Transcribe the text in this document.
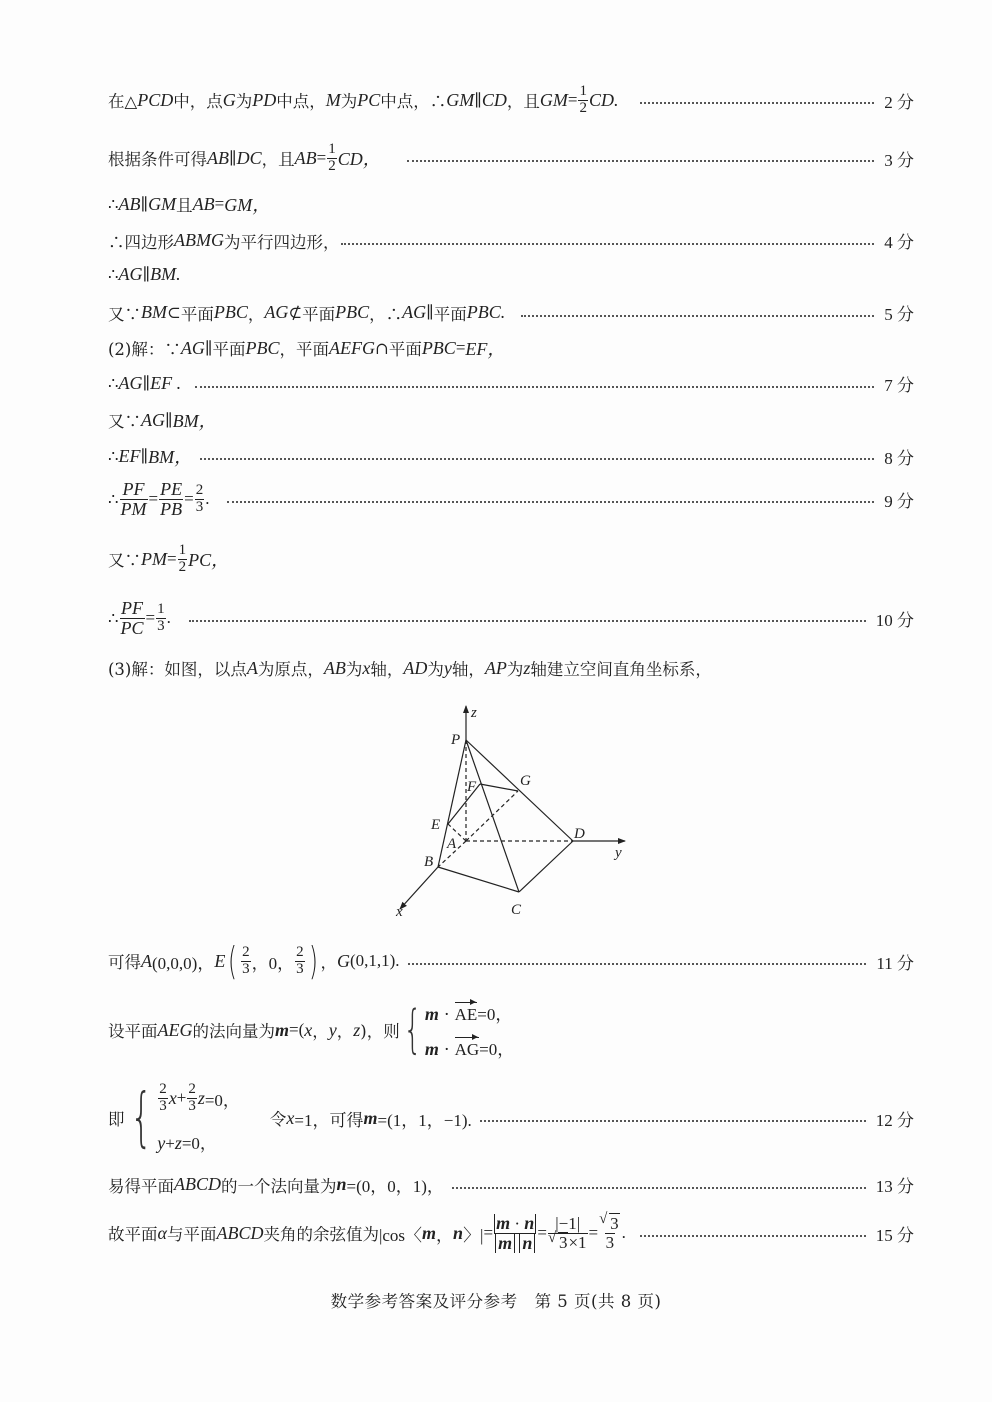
在△ PCD 中，点 G 为 PD 中点， M 为 PC 中点，∴ GM ∥ CD ，且 GM = $\frac{1}{2}$ CD.	2 分
根据条件可得 AB ∥ DC ，且 AB = $\frac{1}{2}$ CD，	3 分
∴ AB ∥ GM 且 AB = GM，
∴四边形 ABMG 为平行四边形，	4 分
∴ AG ∥ BM.
又∵ BM ⊂ 平面 PBC ， AG ⊄ 平面 PBC ，∴ AG ∥ 平面 PBC.	5 分
(2)解：∵ AG ∥ 平面 PBC ，平面 AEFG ∩ 平面 PBC = EF，
∴ AG ∥ EF .	7 分
又∵ AG ∥ BM，
∴ EF ∥ BM，	8 分
∴ $\frac{PF}{PM} = \frac{PE}{PB} = \frac{2}{3}$ .	9 分
又∵ PM = $\frac{1}{2}$ PC，
∴ $\frac{PF}{PC} = \frac{1}{3}$ .	10 分
(3)解：如图，以点 A 为原点， AB 为 x 轴， AD 为 y 轴， AP 为 z 轴建立空间直角坐标系，
z
P
G
F
E
A
D
y
B
x	C
可得 A (0,0,0)， E ( $\frac{2}{3}$ ，0， $\frac{2}{3}$ ) ， G (0,1,1).	11 分
设平面 AEG 的法向量为 m =( x ， y ， z )，则 { m · AE=0，
m · AG=0，
即 { $\frac{2}{3}$ $x + \frac{2}{3}$ z =0，
y+z=0，
令 x =1，可得 m =(1，1，−1).	12 分
易得平面 ABCD 的一个法向量为 n =(0，0，1)，	13 分
故平面 α 与平面 ABCD 夹角的余弦值为 |cos〈 m ， n 〉| = $\frac{m \cdot n}{\text{m n}} = |-1|$
√ 3×1 = √ $\frac{3}{3}$ .	15 分
数学参考答案及评分参考　第 5 页(共 8 页)
